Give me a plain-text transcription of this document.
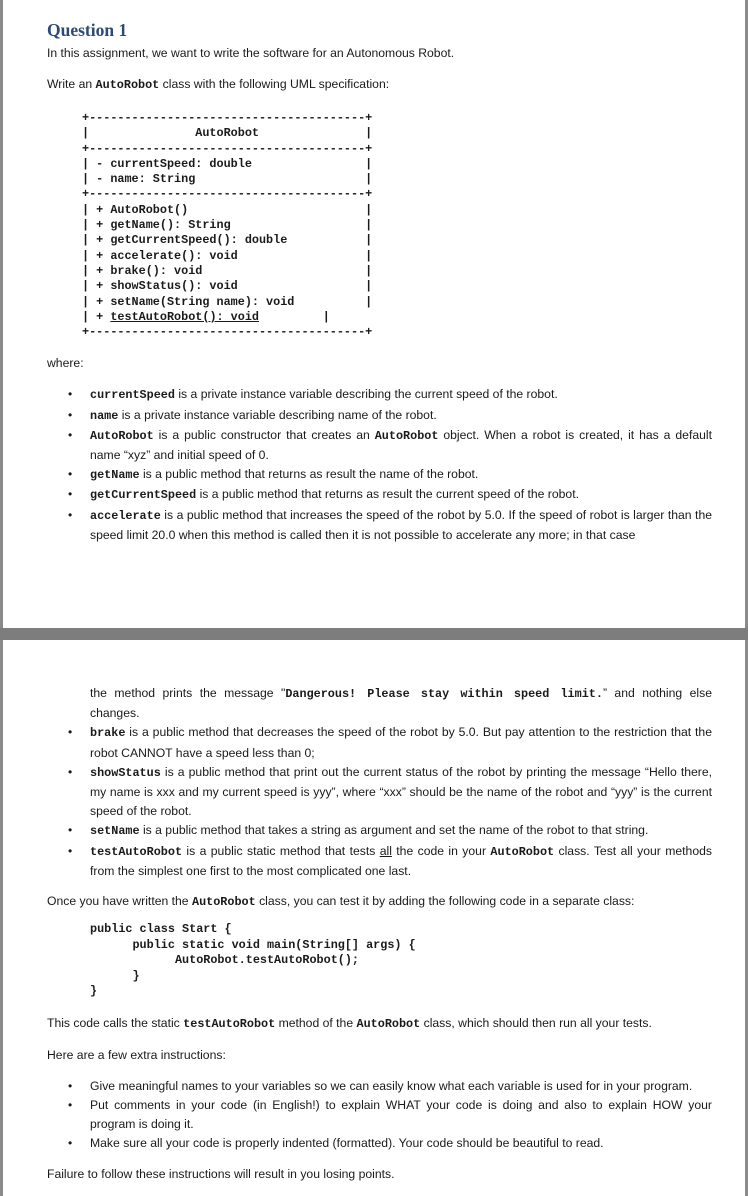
Question 1

In this assignment, we want to write the software for an Autonomous Robot.

Write an AutoRobot class with the following UML specification:

+---------------------------------------+
|               AutoRobot               |
+---------------------------------------+
| - currentSpeed: double                |
| - name: String                        |
+---------------------------------------+
| + AutoRobot()                         |
| + getName(): String                   |
| + getCurrentSpeed(): double           |
| + accelerate(): void                  |
| + brake(): void                       |
| + showStatus(): void                  |
| + setName(String name): void          |
| + testAutoRobot(): void         |
+---------------------------------------+

where:

• currentSpeed is a private instance variable describing the current speed of the robot.
• name is a private instance variable describing name of the robot.
• AutoRobot is a public constructor that creates an AutoRobot object. When a robot is created, it has a default name “xyz” and initial speed of 0.
• getName is a public method that returns as result the name of the robot.
• getCurrentSpeed is a public method that returns as result the current speed of the robot.
• accelerate is a public method that increases the speed of the robot by 5.0. If the speed of robot is larger than the speed limit 20.0 when this method is called then it is not possible to accelerate any more; in that case
the method prints the message "Dangerous! Please stay within speed limit.” and nothing else changes.
• brake is a public method that decreases the speed of the robot by 5.0. But pay attention to the restriction that the robot CANNOT have a speed less than 0;
• showStatus is a public method that print out the current status of the robot by printing the message “Hello there, my name is xxx and my current speed is yyy”, where “xxx” should be the name of the robot and “yyy” is the current speed of the robot.
• setName is a public method that takes a string as argument and set the name of the robot to that string.
• testAutoRobot is a public static method that tests all the code in your AutoRobot class. Test all your methods from the simplest one first to the most complicated one last.

Once you have written the AutoRobot class, you can test it by adding the following code in a separate class:

public class Start {
public static void main(String[] args) {
AutoRobot.testAutoRobot();
}
}

This code calls the static testAutoRobot method of the AutoRobot class, which should then run all your tests.

Here are a few extra instructions:

• Give meaningful names to your variables so we can easily know what each variable is used for in your program.
• Put comments in your code (in English!) to explain WHAT your code is doing and also to explain HOW your program is doing it.
• Make sure all your code is properly indented (formatted). Your code should be beautiful to read.

Failure to follow these instructions will result in you losing points.
